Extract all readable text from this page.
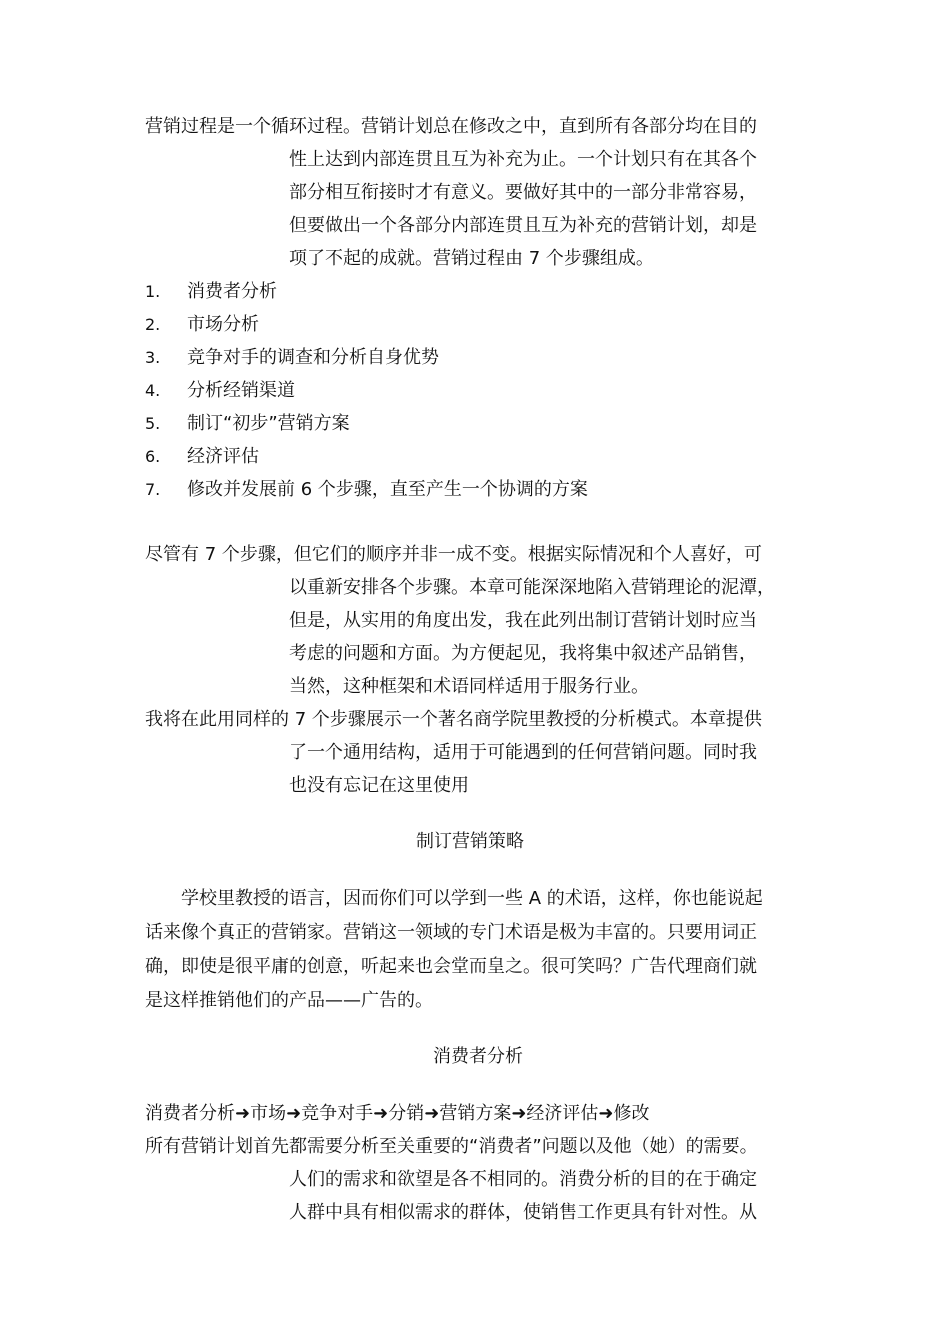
营销过程是一个循环过程。营销计划总在修改之中，直到所有各部分均在目的
性上达到内部连贯且互为补充为止。一个计划只有在其各个
部分相互衔接时才有意义。要做好其中的一部分非常容易，
但要做出一个各部分内部连贯且互为补充的营销计划，却是
项了不起的成就。营销过程由 7 个步骤组成。
1. 消费者分析
2. 市场分析
3. 竞争对手的调查和分析自身优势
4. 分析经销渠道
5. 制订“初步”营销方案
6. 经济评估
7. 修改并发展前 6 个步骤，直至产生一个协调的方案
尽管有 7 个步骤，但它们的顺序并非一成不变。根据实际情况和个人喜好，可
以重新安排各个步骤。本章可能深深地陷入营销理论的泥潭，
但是，从实用的角度出发，我在此列出制订营销计划时应当
考虑的问题和方面。为方便起见，我将集中叙述产品销售，
当然，这种框架和术语同样适用于服务行业。
我将在此用同样的 7 个步骤展示一个著名商学院里教授的分析模式。本章提供
了一个通用结构，适用于可能遇到的任何营销问题。同时我
也没有忘记在这里使用
制订营销策略
学校里教授的语言，因而你们可以学到一些 A 的术语，这样，你也能说起
话来像个真正的营销家。营销这一领域的专门术语是极为丰富的。只要用词正
确，即使是很平庸的创意，听起来也会堂而皇之。很可笑吗？广告代理商们就
是这样推销他们的产品——广告的。
消费者分析
消费者分析➜市场➜竞争对手➜分销➜营销方案➜经济评估➜修改
所有营销计划首先都需要分析至关重要的“消费者”问题以及他（她）的需要。
人们的需求和欲望是各不相同的。消费分析的目的在于确定
人群中具有相似需求的群体，使销售工作更具有针对性。从
